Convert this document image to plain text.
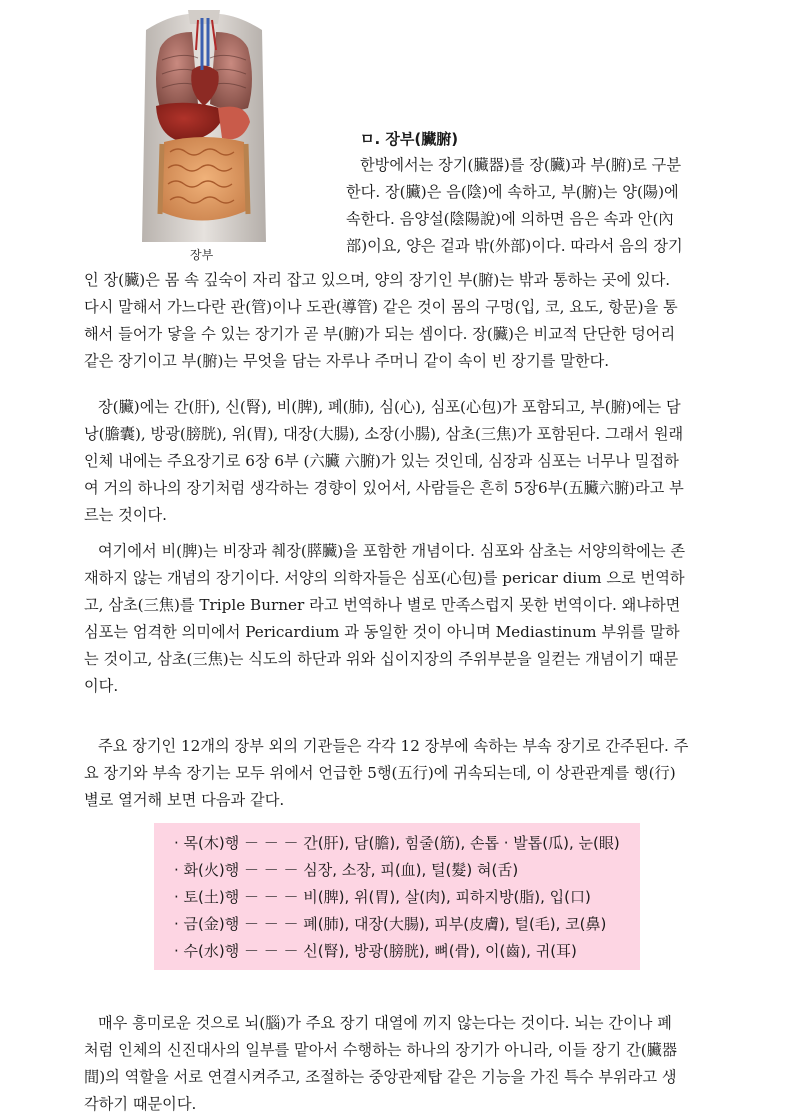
장부
ㅁ. 장부(臟腑)
한방에서는 장기(臟器)를 장(臟)과 부(腑)로 구분
한다. 장(臟)은 음(陰)에 속하고, 부(腑)는 양(陽)에
속한다. 음양설(陰陽說)에 의하면 음은 속과 안(內
部)이요, 양은 겉과 밖(外部)이다. 따라서 음의 장기
인 장(臟)은 몸 속 깊숙이 자리 잡고 있으며, 양의 장기인 부(腑)는 밖과 통하는 곳에 있다.
다시 말해서 가느다란 관(管)이나 도관(導管) 같은 것이 몸의 구멍(입, 코, 요도, 항문)을 통
해서 들어가 닿을 수 있는 장기가 곧 부(腑)가 되는 셈이다. 장(臟)은 비교적 단단한 덩어리
같은 장기이고 부(腑)는 무엇을 담는 자루나 주머니 같이 속이 빈 장기를 말한다.
장(臟)에는 간(肝), 신(腎), 비(脾), 폐(肺), 심(心), 심포(心包)가 포함되고, 부(腑)에는 담
낭(膽囊), 방광(膀胱), 위(胃), 대장(大腸), 소장(小腸), 삼초(三焦)가 포함된다. 그래서 원래
인체 내에는 주요장기로 6장 6부 (六臟 六腑)가 있는 것인데, 심장과 심포는 너무나 밀접하
여 거의 하나의 장기처럼 생각하는 경향이 있어서, 사람들은 흔히 5장6부(五臟六腑)라고 부
르는 것이다.
여기에서 비(脾)는 비장과 췌장(膵臟)을 포함한 개념이다. 심포와 삼초는 서양의학에는 존
재하지 않는 개념의 장기이다. 서양의 의학자들은 심포(心包)를 pericar dium 으로 번역하
고, 삼초(三焦)를 Triple Burner 라고 번역하나 별로 만족스럽지 못한 번역이다. 왜냐하면
심포는 엄격한 의미에서 Pericardium 과 동일한 것이 아니며 Mediastinum 부위를 말하
는 것이고, 삼초(三焦)는 식도의 하단과 위와 십이지장의 주위부분을 일컫는 개념이기 때문
이다.
주요 장기인 12개의 장부 외의 기관들은 각각 12 장부에 속하는 부속 장기로 간주된다. 주
요 장기와 부속 장기는 모두 위에서 언급한 5행(五行)에 귀속되는데, 이 상관관계를 행(行)
별로 열거해 보면 다음과 같다.
· 목(木)행 － － － 간(肝), 담(膽), 힘줄(筋), 손톱 · 발톱(瓜), 눈(眼)
· 화(火)행 － － － 심장, 소장, 피(血), 털(髮) 혀(舌)
· 토(土)행 － － － 비(脾), 위(胃), 살(肉), 피하지방(脂), 입(口)
· 금(金)행 － － － 폐(肺), 대장(大腸), 피부(皮膚), 털(毛), 코(鼻)
· 수(水)행 － － － 신(腎), 방광(膀胱), 뼈(骨), 이(齒), 귀(耳)
매우 흥미로운 것으로 뇌(腦)가 주요 장기 대열에 끼지 않는다는 것이다. 뇌는 간이나 폐
처럼 인체의 신진대사의 일부를 맡아서 수행하는 하나의 장기가 아니라, 이들 장기 간(臟器
間)의 역할을 서로 연결시켜주고, 조절하는 중앙관제탑 같은 기능을 가진 특수 부위라고 생
각하기 때문이다.
